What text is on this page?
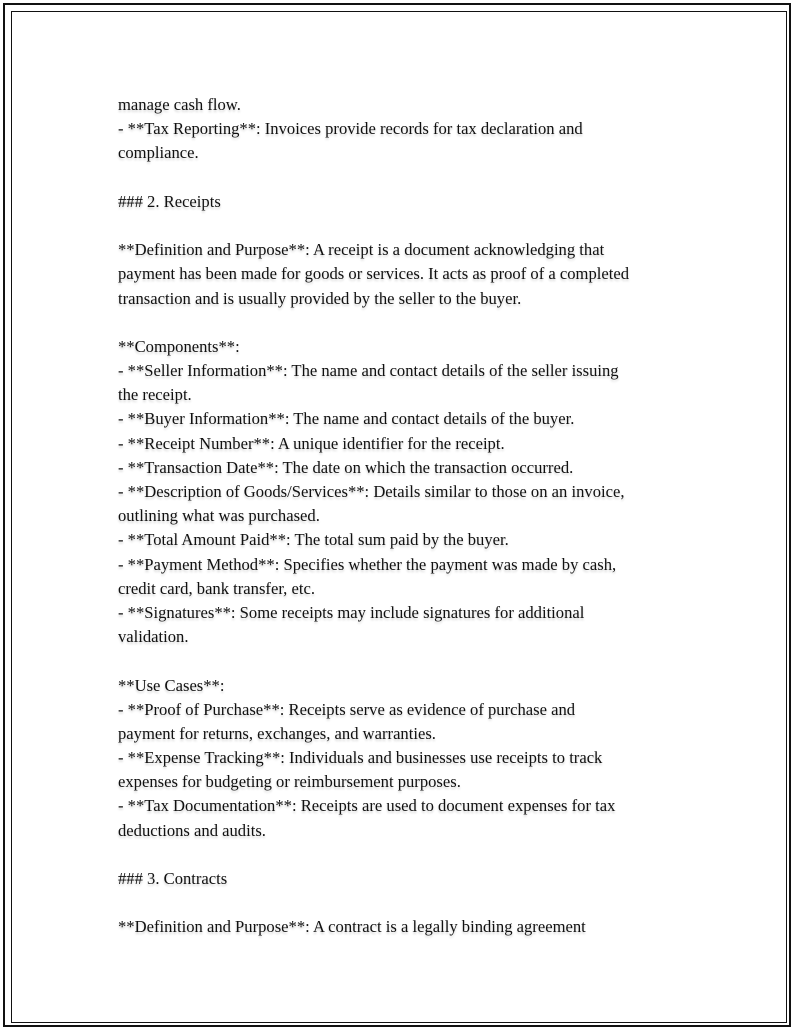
manage cash flow.
- **Tax Reporting**: Invoices provide records for tax declaration and
compliance.
### 2. Receipts
**Definition and Purpose**: A receipt is a document acknowledging that
payment has been made for goods or services. It acts as proof of a completed
transaction and is usually provided by the seller to the buyer.
**Components**:
- **Seller Information**: The name and contact details of the seller issuing
the receipt.
- **Buyer Information**: The name and contact details of the buyer.
- **Receipt Number**: A unique identifier for the receipt.
- **Transaction Date**: The date on which the transaction occurred.
- **Description of Goods/Services**: Details similar to those on an invoice,
outlining what was purchased.
- **Total Amount Paid**: The total sum paid by the buyer.
- **Payment Method**: Specifies whether the payment was made by cash,
credit card, bank transfer, etc.
- **Signatures**: Some receipts may include signatures for additional
validation.
**Use Cases**:
- **Proof of Purchase**: Receipts serve as evidence of purchase and
payment for returns, exchanges, and warranties.
- **Expense Tracking**: Individuals and businesses use receipts to track
expenses for budgeting or reimbursement purposes.
- **Tax Documentation**: Receipts are used to document expenses for tax
deductions and audits.
### 3. Contracts
**Definition and Purpose**: A contract is a legally binding agreement
